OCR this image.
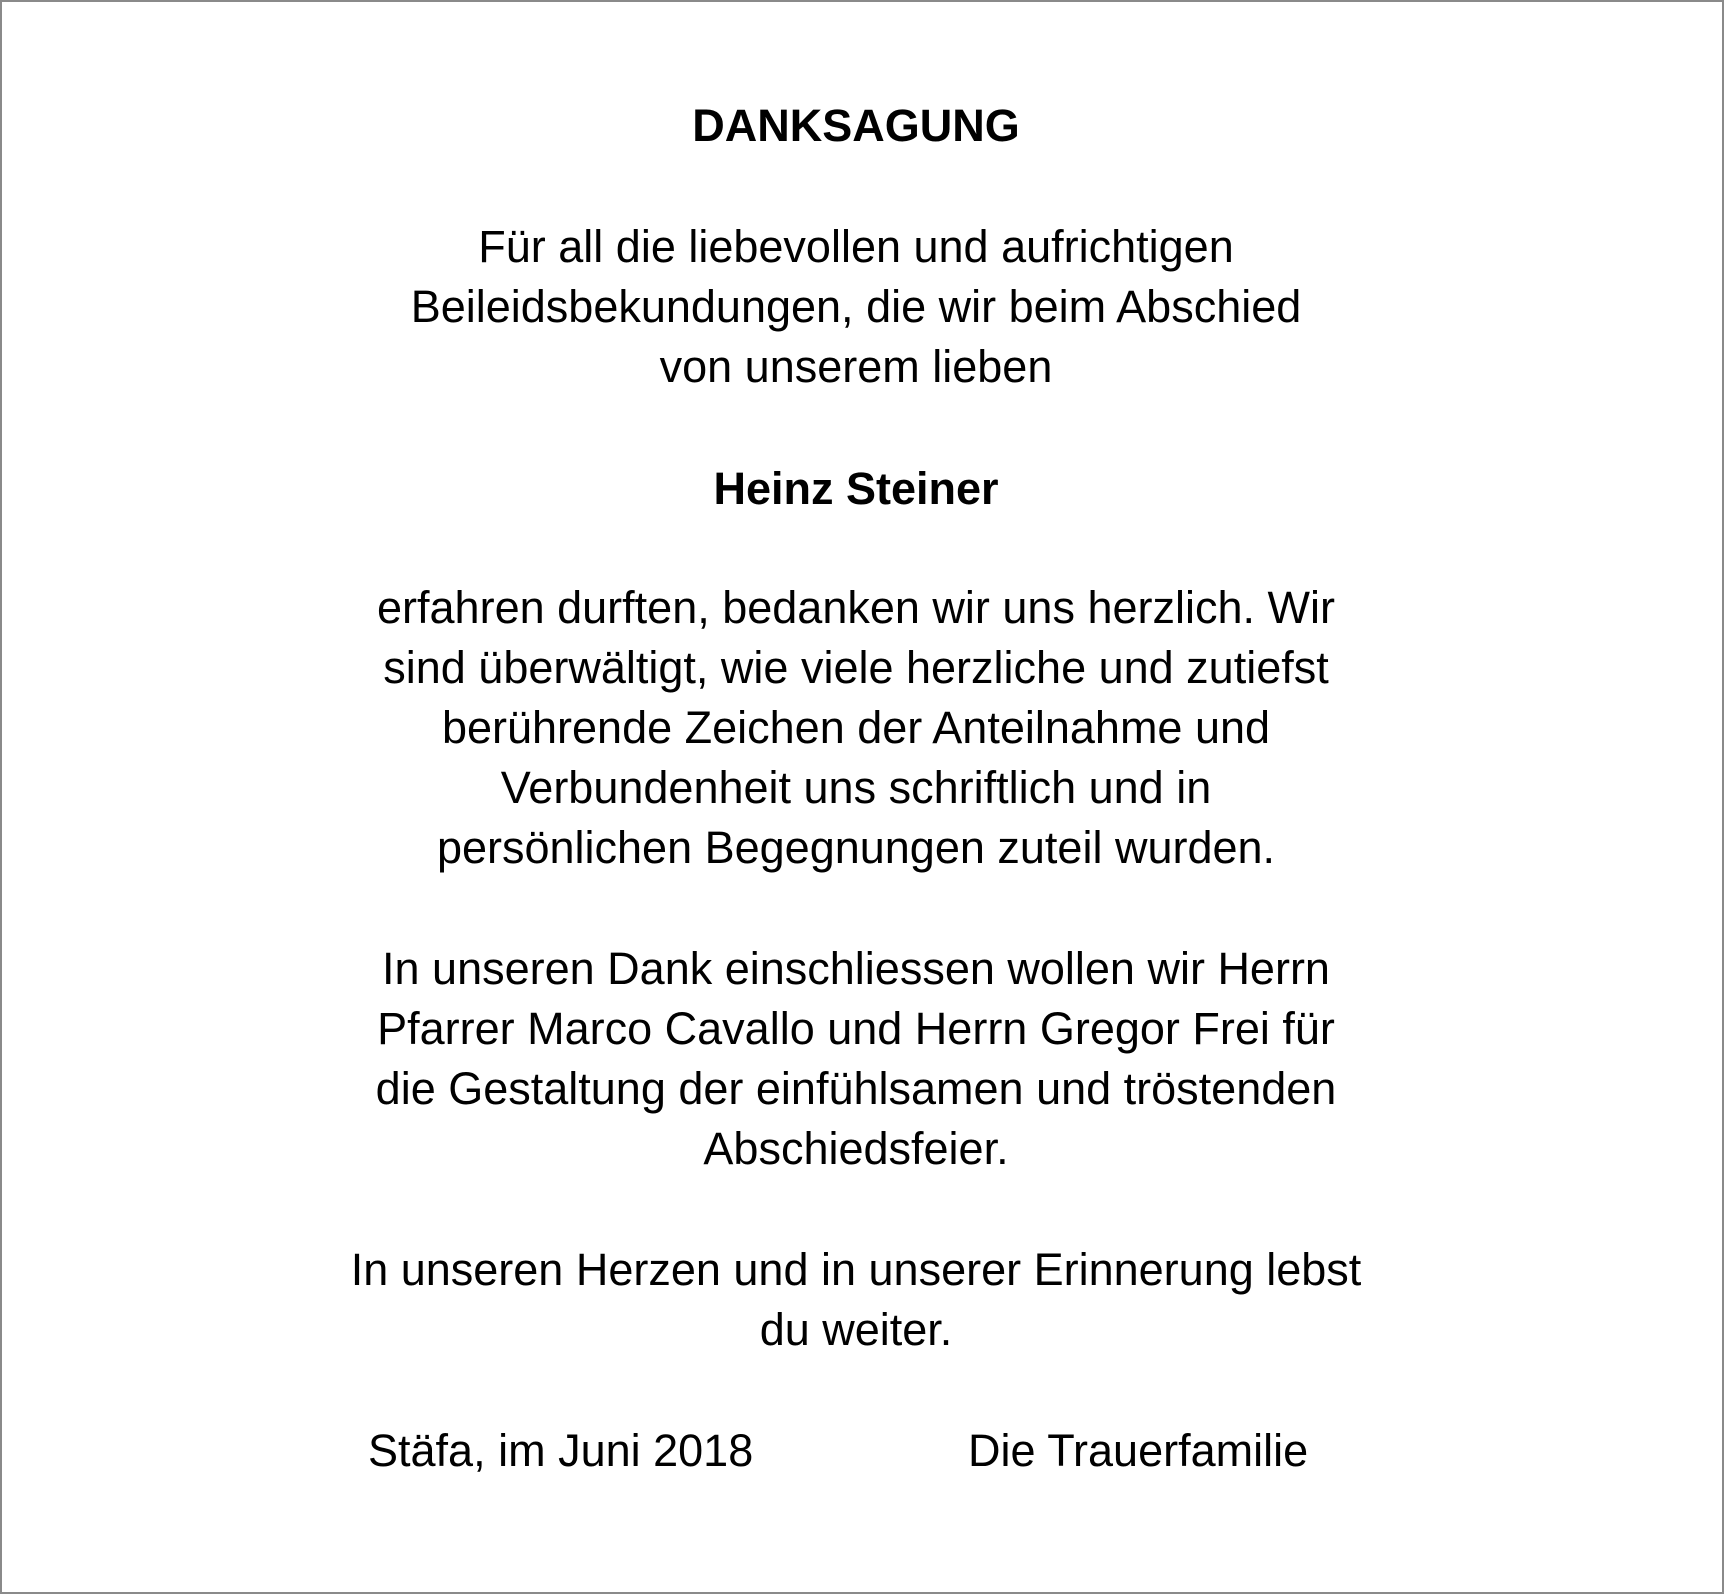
DANKSAGUNG
Für all die liebevollen und aufrichtigen
Beileidsbekundungen, die wir beim Abschied
von unserem lieben
Heinz Steiner
erfahren durften, bedanken wir uns herzlich. Wir
sind überwältigt, wie viele herzliche und zutiefst
berührende Zeichen der Anteilnahme und
Verbundenheit uns schriftlich und in
persönlichen Begegnungen zuteil wurden.
In unseren Dank einschliessen wollen wir Herrn
Pfarrer Marco Cavallo und Herrn Gregor Frei für
die Gestaltung der einfühlsamen und tröstenden
Abschiedsfeier.
In unseren Herzen und in unserer Erinnerung lebst
du weiter.
Stäfa, im Juni 2018	Die Trauerfamilie
